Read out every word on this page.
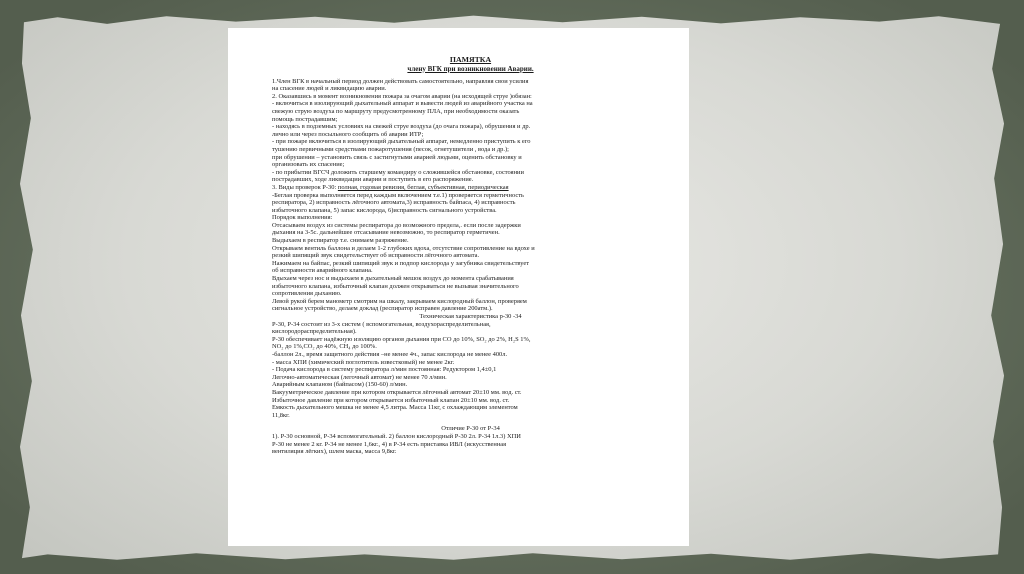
ПАМЯТКА

члену ВГК при возникновении Аварии.

1.Член ВГК в начальный период должен действовать самостоятельно, направляя свои усилия

на спасение людей и ликвидацию аварии.

2. Оказавшись в момент возникновения пожара за очагом аварии (на исходящей струе )обязан:

- включиться в изолирующий дыхательный аппарат и вывести людей из аварийного участка на

свежую струю воздуха по маршруту предусмотренному ПЛА, при необходимости оказать

помощь пострадавшим;

- находясь в подземных условиях на свежей струе воздуха (до очага пожара), обрушения и др.

лично или через посыльного сообщить об аварии ИТР;

- при пожаре включиться в изолирующий дыхательный аппарат, немедленно приступить к его

тушению первичными средствами пожаротушения (песок, огнетушители , вода и др.);

при обрушении – установить связь с застигнутыми аварией людьми, оценить обстановку и

организовать их спасение;

- по прибытии ВГСЧ доложить старшему командиру о сложившейся обстановке, состоянии

пострадавших, ходе ликвидации аварии и поступить в его распоряжение.

3. Виды проверок Р-30: полная, годовая ревизия, беглая, субъективная, периодическая

-Беглая проверка выполняется перед каждым включением т.е.1) проверяется герметичность

респиратора, 2) исправность лёгочного автомата,3) исправность байпаса, 4) исправность

избыточного клапана, 5) запас кислорода, 6)исправность сигнального устройства.

Порядок выполнения:

Отсасываем воздух из системы респиратора до возможного предела,. если после задержки

дыхания на 3-5с. дальнейшее отсасывание невозможно, то респиратор герметичен.

Выдыхаем в респиратор т.е. снимаем разряжение.

Открываем вентиль баллона и делаем 1-2 глубоких вдоха, отсутствие сопротивление на вдохе и

резкий шипящий звук свидетельствует об исправности лёгочного автомата.

Нажимаем на байпас, резкий шипящий звук и подпор кислорода у загубника свидетельствует

об исправности аварийного клапана.

Вдыхаем через нос и выдыхаем в дыхательный мешок воздух до момента срабатывания

избыточного клапана, избыточный клапан должен открываться не вызывая значительного

сопротивления дыханию.

Левой рукой берем манометр смотрим на шкалу, закрываем кислородный баллон, проверяем

сигнальное устройство, делаем доклад (респиратор исправен давление 200атм.).

Техническая характеристика р-30 -34

Р-30, Р-34 состоит из 3-х систем ( вспомогательная, воздухораспределительная,

кислородораспределительная).

Р-30 обеспечивает надёжную изоляцию органов дыхания при СО до 10%, SO₂ до 2%, H₂S 1%,

NO₂ до 1%,CO₂ до 40%, CH₄ до 100%.

-баллон 2л., время защитного действия –не менее 4ч., запас кислорода не менее 400л.

- масса ХПИ (химический поглотитель известковый) не менее 2кг.

- Подача кислорода в систему респиратора л/мин постоянная: Редуктором 1,4±0,1

Легочно-автоматическая (легочный автомат) не менее 70 л/мин.

Аварийным клапаном (байпасом) (150-60) л/мин.

Вакууметрическое давление при котором открывается лёгочный автомат 20±10 мм. вод. ст.

Избыточное давление при котором открывается избыточный клапан 20±10 мм. вод. ст.

Емкость дыхательного мешка не менее 4,5 литра. Масса 11кг, с охлаждающим элементом

11,8кг.

Отличие Р-30 от Р-34

1). Р-30 основной, Р-34 вспомогательный. 2) баллон кислородный Р-30 2л. Р-34 1л.3) ХПИ

Р-30 не менее 2 кг. Р-34 не менее 1,6кг., 4) в Р-34 есть приставка ИВЛ (искусственная

вентиляция лёгких), шлем маска, масса 9,8кг.
